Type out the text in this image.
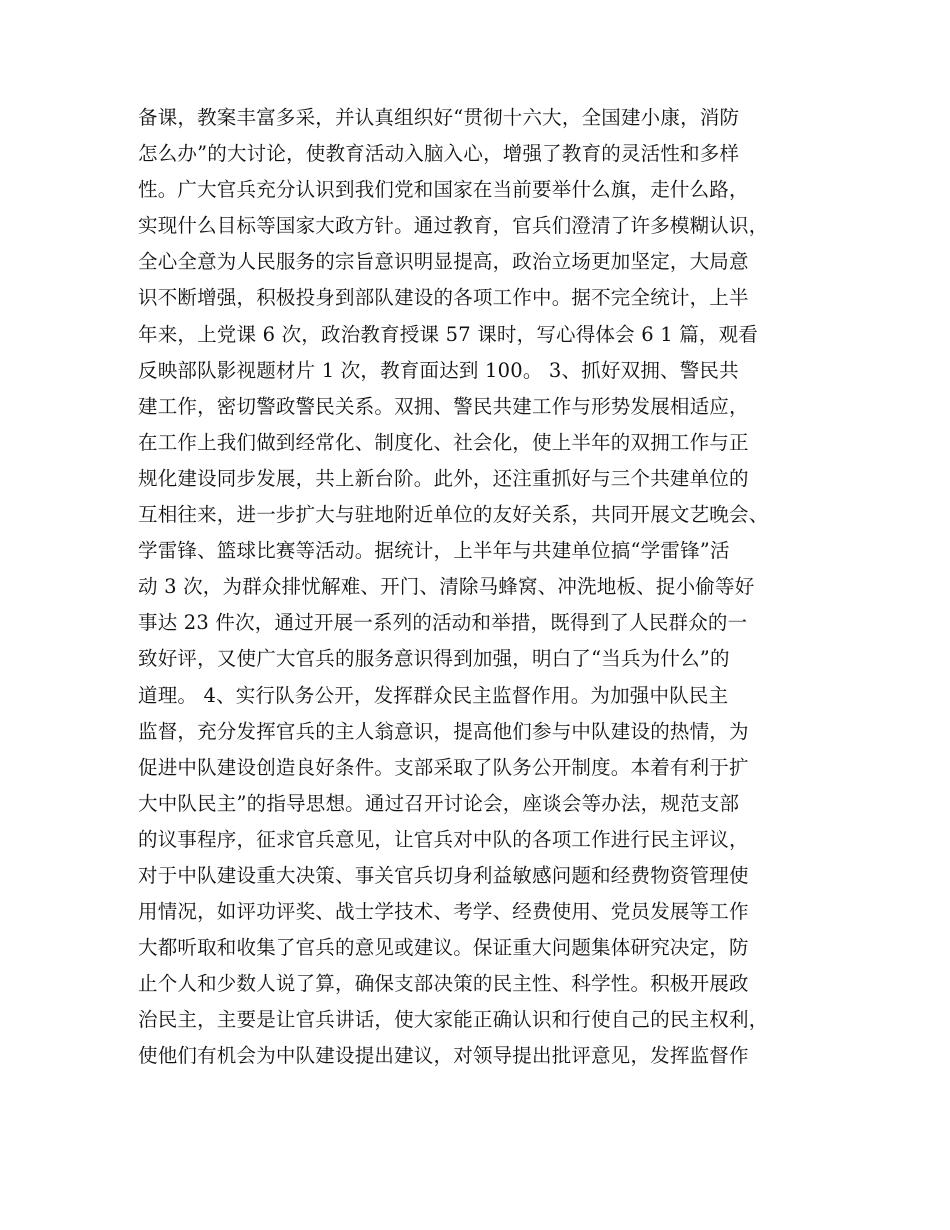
备课，教案丰富多采，并认真组织好“贯彻十六大，全国建小康，消防
怎么办”的大讨论，使教育活动入脑入心，增强了教育的灵活性和多样
性。广大官兵充分认识到我们党和国家在当前要举什么旗，走什么路，
实现什么目标等国家大政方针。通过教育，官兵们澄清了许多模糊认识，
全心全意为人民服务的宗旨意识明显提高，政治立场更加坚定，大局意
识不断增强，积极投身到部队建设的各项工作中。据不完全统计，上半
年来，上党课 6 次，政治教育授课 57 课时，写心得体会 6 1 篇，观看
反映部队影视题材片 1 次，教育面达到 100。 3、抓好双拥、警民共
建工作，密切警政警民关系。双拥、警民共建工作与形势发展相适应，
在工作上我们做到经常化、制度化、社会化，使上半年的双拥工作与正
规化建设同步发展，共上新台阶。此外，还注重抓好与三个共建单位的
互相往来，进一步扩大与驻地附近单位的友好关系，共同开展文艺晚会、
学雷锋、篮球比赛等活动。据统计，上半年与共建单位搞“学雷锋”活
动 3 次，为群众排忧解难、开门、清除马蜂窝、冲洗地板、捉小偷等好
事达 23 件次，通过开展一系列的活动和举措，既得到了人民群众的一
致好评，又使广大官兵的服务意识得到加强，明白了“当兵为什么”的
道理。 4、实行队务公开，发挥群众民主监督作用。为加强中队民主
监督，充分发挥官兵的主人翁意识，提高他们参与中队建设的热情，为
促进中队建设创造良好条件。支部采取了队务公开制度。本着有利于扩
大中队民主”的指导思想。通过召开讨论会，座谈会等办法，规范支部
的议事程序，征求官兵意见，让官兵对中队的各项工作进行民主评议，
对于中队建设重大决策、事关官兵切身利益敏感问题和经费物资管理使
用情况，如评功评奖、战士学技术、考学、经费使用、党员发展等工作
大都听取和收集了官兵的意见或建议。保证重大问题集体研究决定，防
止个人和少数人说了算，确保支部决策的民主性、科学性。积极开展政
治民主，主要是让官兵讲话，使大家能正确认识和行使自己的民主权利，
使他们有机会为中队建设提出建议，对领导提出批评意见，发挥监督作
